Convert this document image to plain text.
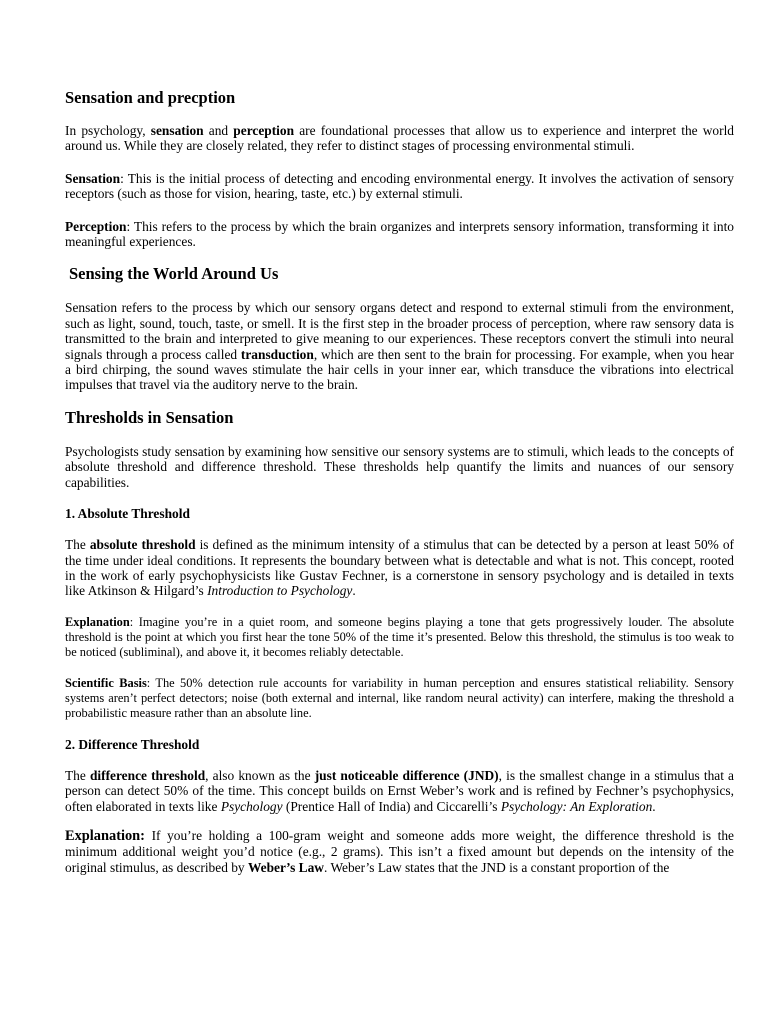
Sensation and precption

In psychology, sensation and perception are foundational processes that allow us to experience and interpret the world around us. While they are closely related, they refer to distinct stages of processing environmental stimuli.

Sensation: This is the initial process of detecting and encoding environmental energy. It involves the activation of sensory receptors (such as those for vision, hearing, taste, etc.) by external stimuli.

Perception: This refers to the process by which the brain organizes and interprets sensory information, transforming it into meaningful experiences.

Sensing the World Around Us

Sensation refers to the process by which our sensory organs detect and respond to external stimuli from the environment, such as light, sound, touch, taste, or smell. It is the first step in the broader process of perception, where raw sensory data is transmitted to the brain and interpreted to give meaning to our experiences. These receptors convert the stimuli into neural signals through a process called transduction, which are then sent to the brain for processing. For example, when you hear a bird chirping, the sound waves stimulate the hair cells in your inner ear, which transduce the vibrations into electrical impulses that travel via the auditory nerve to the brain.

Thresholds in Sensation

Psychologists study sensation by examining how sensitive our sensory systems are to stimuli, which leads to the concepts of absolute threshold and difference threshold. These thresholds help quantify the limits and nuances of our sensory capabilities.

1. Absolute Threshold

The absolute threshold is defined as the minimum intensity of a stimulus that can be detected by a person at least 50% of the time under ideal conditions. It represents the boundary between what is detectable and what is not. This concept, rooted in the work of early psychophysicists like Gustav Fechner, is a cornerstone in sensory psychology and is detailed in texts like Atkinson & Hilgard’s Introduction to Psychology.

Explanation: Imagine you’re in a quiet room, and someone begins playing a tone that gets progressively louder. The absolute threshold is the point at which you first hear the tone 50% of the time it’s presented. Below this threshold, the stimulus is too weak to be noticed (subliminal), and above it, it becomes reliably detectable.

Scientific Basis: The 50% detection rule accounts for variability in human perception and ensures statistical reliability. Sensory systems aren’t perfect detectors; noise (both external and internal, like random neural activity) can interfere, making the threshold a probabilistic measure rather than an absolute line.

2. Difference Threshold

The difference threshold, also known as the just noticeable difference (JND), is the smallest change in a stimulus that a person can detect 50% of the time. This concept builds on Ernst Weber’s work and is refined by Fechner’s psychophysics, often elaborated in texts like Psychology (Prentice Hall of India) and Ciccarelli’s Psychology: An Exploration.

Explanation: If you’re holding a 100-gram weight and someone adds more weight, the difference threshold is the minimum additional weight you’d notice (e.g., 2 grams). This isn’t a fixed amount but depends on the intensity of the original stimulus, as described by Weber’s Law. Weber’s Law states that the JND is a constant proportion of the
